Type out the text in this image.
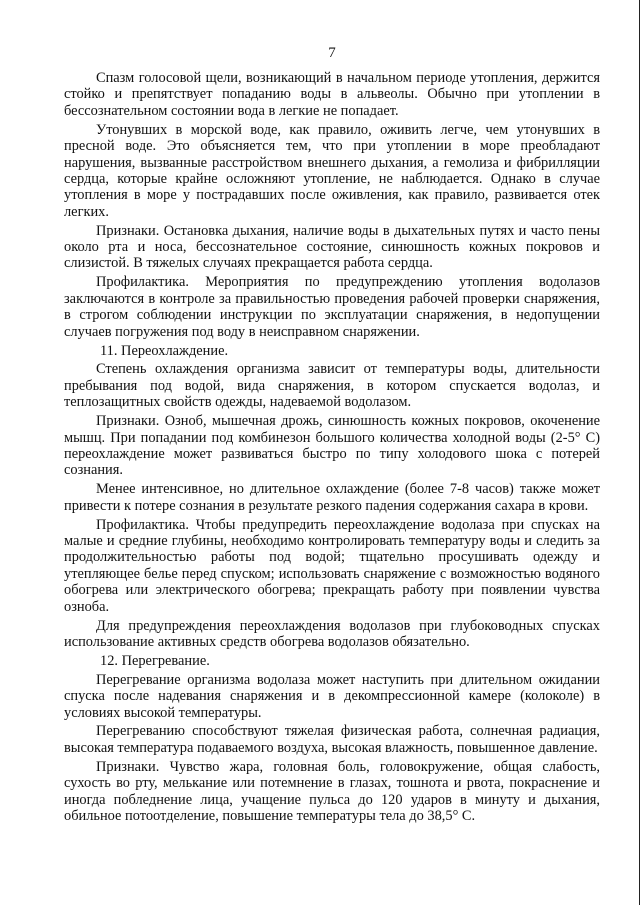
7

Спазм голосовой щели, возникающий в начальном периоде утопления, держится стойко и препятствует попаданию воды в альвеолы. Обычно при утоплении в бессознательном состоянии вода в легкие не попадает.

Утонувших в морской воде, как правило, оживить легче, чем утонувших в пресной воде. Это объясняется тем, что при утоплении в море преобладают нарушения, вызванные расстройством внешнего дыхания, а гемолиза и фибрилляции сердца, которые крайне осложняют утопление, не наблюдается. Однако в случае утопления в море у пострадавших после оживления, как правило, развивается отек легких.

Признаки. Остановка дыхания, наличие воды в дыхательных путях и часто пены около рта и носа, бессознательное состояние, синюшность кожных покровов и слизистой. В тяжелых случаях прекращается работа сердца.

Профилактика. Мероприятия по предупреждению утопления водолазов заключаются в контроле за правильностью проведения рабочей проверки снаряжения, в строгом соблюдении инструкции по эксплуатации снаряжения, в недопущении случаев погружения под воду в неисправном снаряжении.

11. Переохлаждение.

Степень охлаждения организма зависит от температуры воды, длительности пребывания под водой, вида снаряжения, в котором спускается водолаз, и теплозащитных свойств одежды, надеваемой водолазом.

Признаки. Озноб, мышечная дрожь, синюшность кожных покровов, окоченение мышц. При попадании под комбинезон большого количества холодной воды (2-5° С) переохлаждение может развиваться быстро по типу холодового шока с потерей сознания.

Менее интенсивное, но длительное охлаждение (более 7-8 часов) также может привести к потере сознания в результате резкого падения содержания сахара в крови.

Профилактика. Чтобы предупредить переохлаждение водолаза при спусках на малые и средние глубины, необходимо контролировать температуру воды и следить за продолжительностью работы под водой; тщательно просушивать одежду и утепляющее белье перед спуском; использовать снаряжение с возможностью водяного обогрева или электрического обогрева; прекращать работу при появлении чувства озноба.

Для предупреждения переохлаждения водолазов при глубоководных спусках использование активных средств обогрева водолазов обязательно.

12. Перегревание.

Перегревание организма водолаза может наступить при длительном ожидании спуска после надевания снаряжения и в декомпрессионной камере (колоколе) в условиях высокой температуры.

Перегреванию способствуют тяжелая физическая работа, солнечная радиация, высокая температура подаваемого воздуха, высокая влажность, повышенное давление.

Признаки. Чувство жара, головная боль, головокружение, общая слабость, сухость во рту, мелькание или потемнение в глазах, тошнота и рвота, покраснение и иногда побледнение лица, учащение пульса до 120 ударов в минуту и дыхания, обильное потоотделение, повышение температуры тела до 38,5° С.
